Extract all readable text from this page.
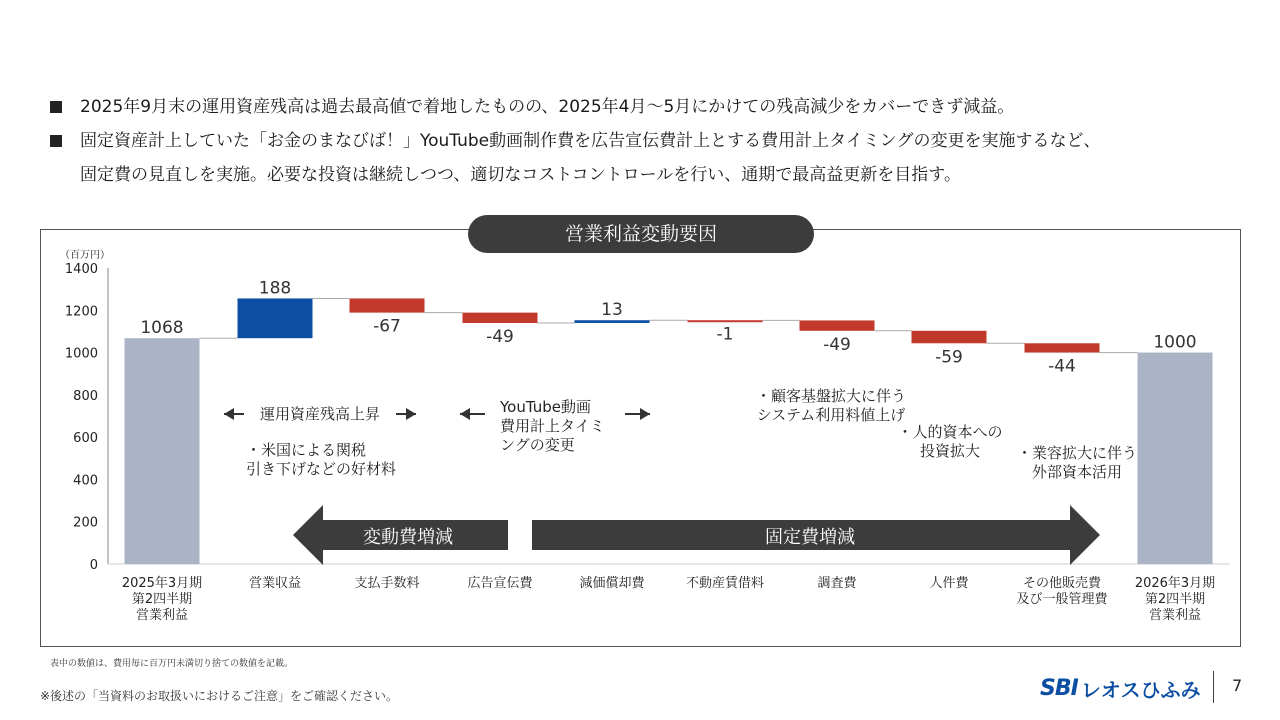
2025年9月末の運用資産残高は過去最高値で着地したものの、2025年4月～5月にかけての残高減少をカバーできず減益。

固定資産計上していた「お金のまなびば！」YouTube動画制作費を広告宣伝費計上とする費用計上タイミングの変更を実施するなど、

固定費の見直しを実施。必要な投資は継続しつつ、適切なコストコントロールを行い、通期で最高益更新を目指す。

営業利益変動要因
0
200
400
600
800
1000
1200
1400
（百万円）
1068
188
-67
-49
13
-1
-49
-59	-44
1000
2025年3月期
第2四半期
営業利益
営業収益	支払手数料	広告宣伝費	減価償却費	不動産賃借料	調査費	人件費	その他販売費
及び一般管理費
2026年3月期
第2四半期
営業利益
運用資産残高上昇
・米国による関税
引き下げなどの好材料
YouTube動画
費用計上タイミ
ングの変更
・顧客基盤拡大に伴う
システム利用料値上げ
・人的資本への
投資拡大 ・業容拡大に伴う
外部資本活用
変動費増減	固定費増減
表中の数値は、費用毎に百万円未満切り捨ての数値を記載。
※後述の「当資料のお取扱いにおけるご注意」をご確認ください。	SBI レオスひふみ 7
